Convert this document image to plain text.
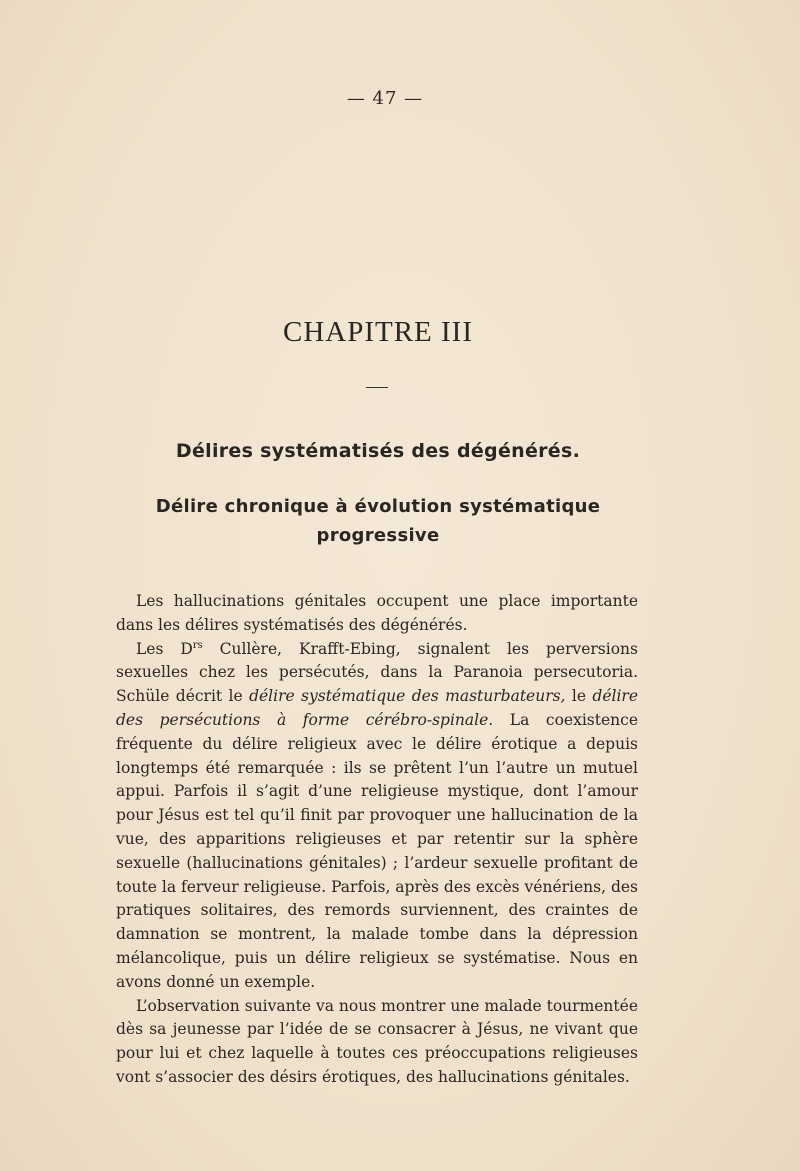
— 47 —
CHAPITRE III
Délires systématisés des dégénérés.
Délire chronique à évolution systématique progressive

Les hallucinations génitales occupent une place importante dans les délires systématisés des dégénérés.

Les $D^{rs}$ Cullère, Krafft-Ebing, signalent les perversions sexuelles chez les persécutés, dans la Paranoia persecutoria. Schüle décrit le délire systématique des masturbateurs, le délire des persécutions à forme cérébro-spinale. La coexistence fréquente du délire religieux avec le délire érotique a depuis longtemps été remarquée : ils se prêtent l’un l’autre un mutuel appui. Parfois il s’agit d’une religieuse mystique, dont l’amour pour Jésus est tel qu’il finit par provoquer une hallucination de la vue, des apparitions religieuses et par retentir sur la sphère sexuelle (hallucinations génitales) ; l’ardeur sexuelle profitant de toute la ferveur religieuse. Parfois, après des excès vénériens, des pratiques solitaires, des remords surviennent, des craintes de damnation se montrent, la malade tombe dans la dépression mélancolique, puis un délire religieux se systématise. Nous en avons donné un exemple.

L’observation suivante va nous montrer une malade tourmentée dès sa jeunesse par l’idée de se consacrer à Jésus, ne vivant que pour lui et chez laquelle à toutes ces préoccupations religieuses vont s’associer des désirs érotiques, des hallucinations génitales.
